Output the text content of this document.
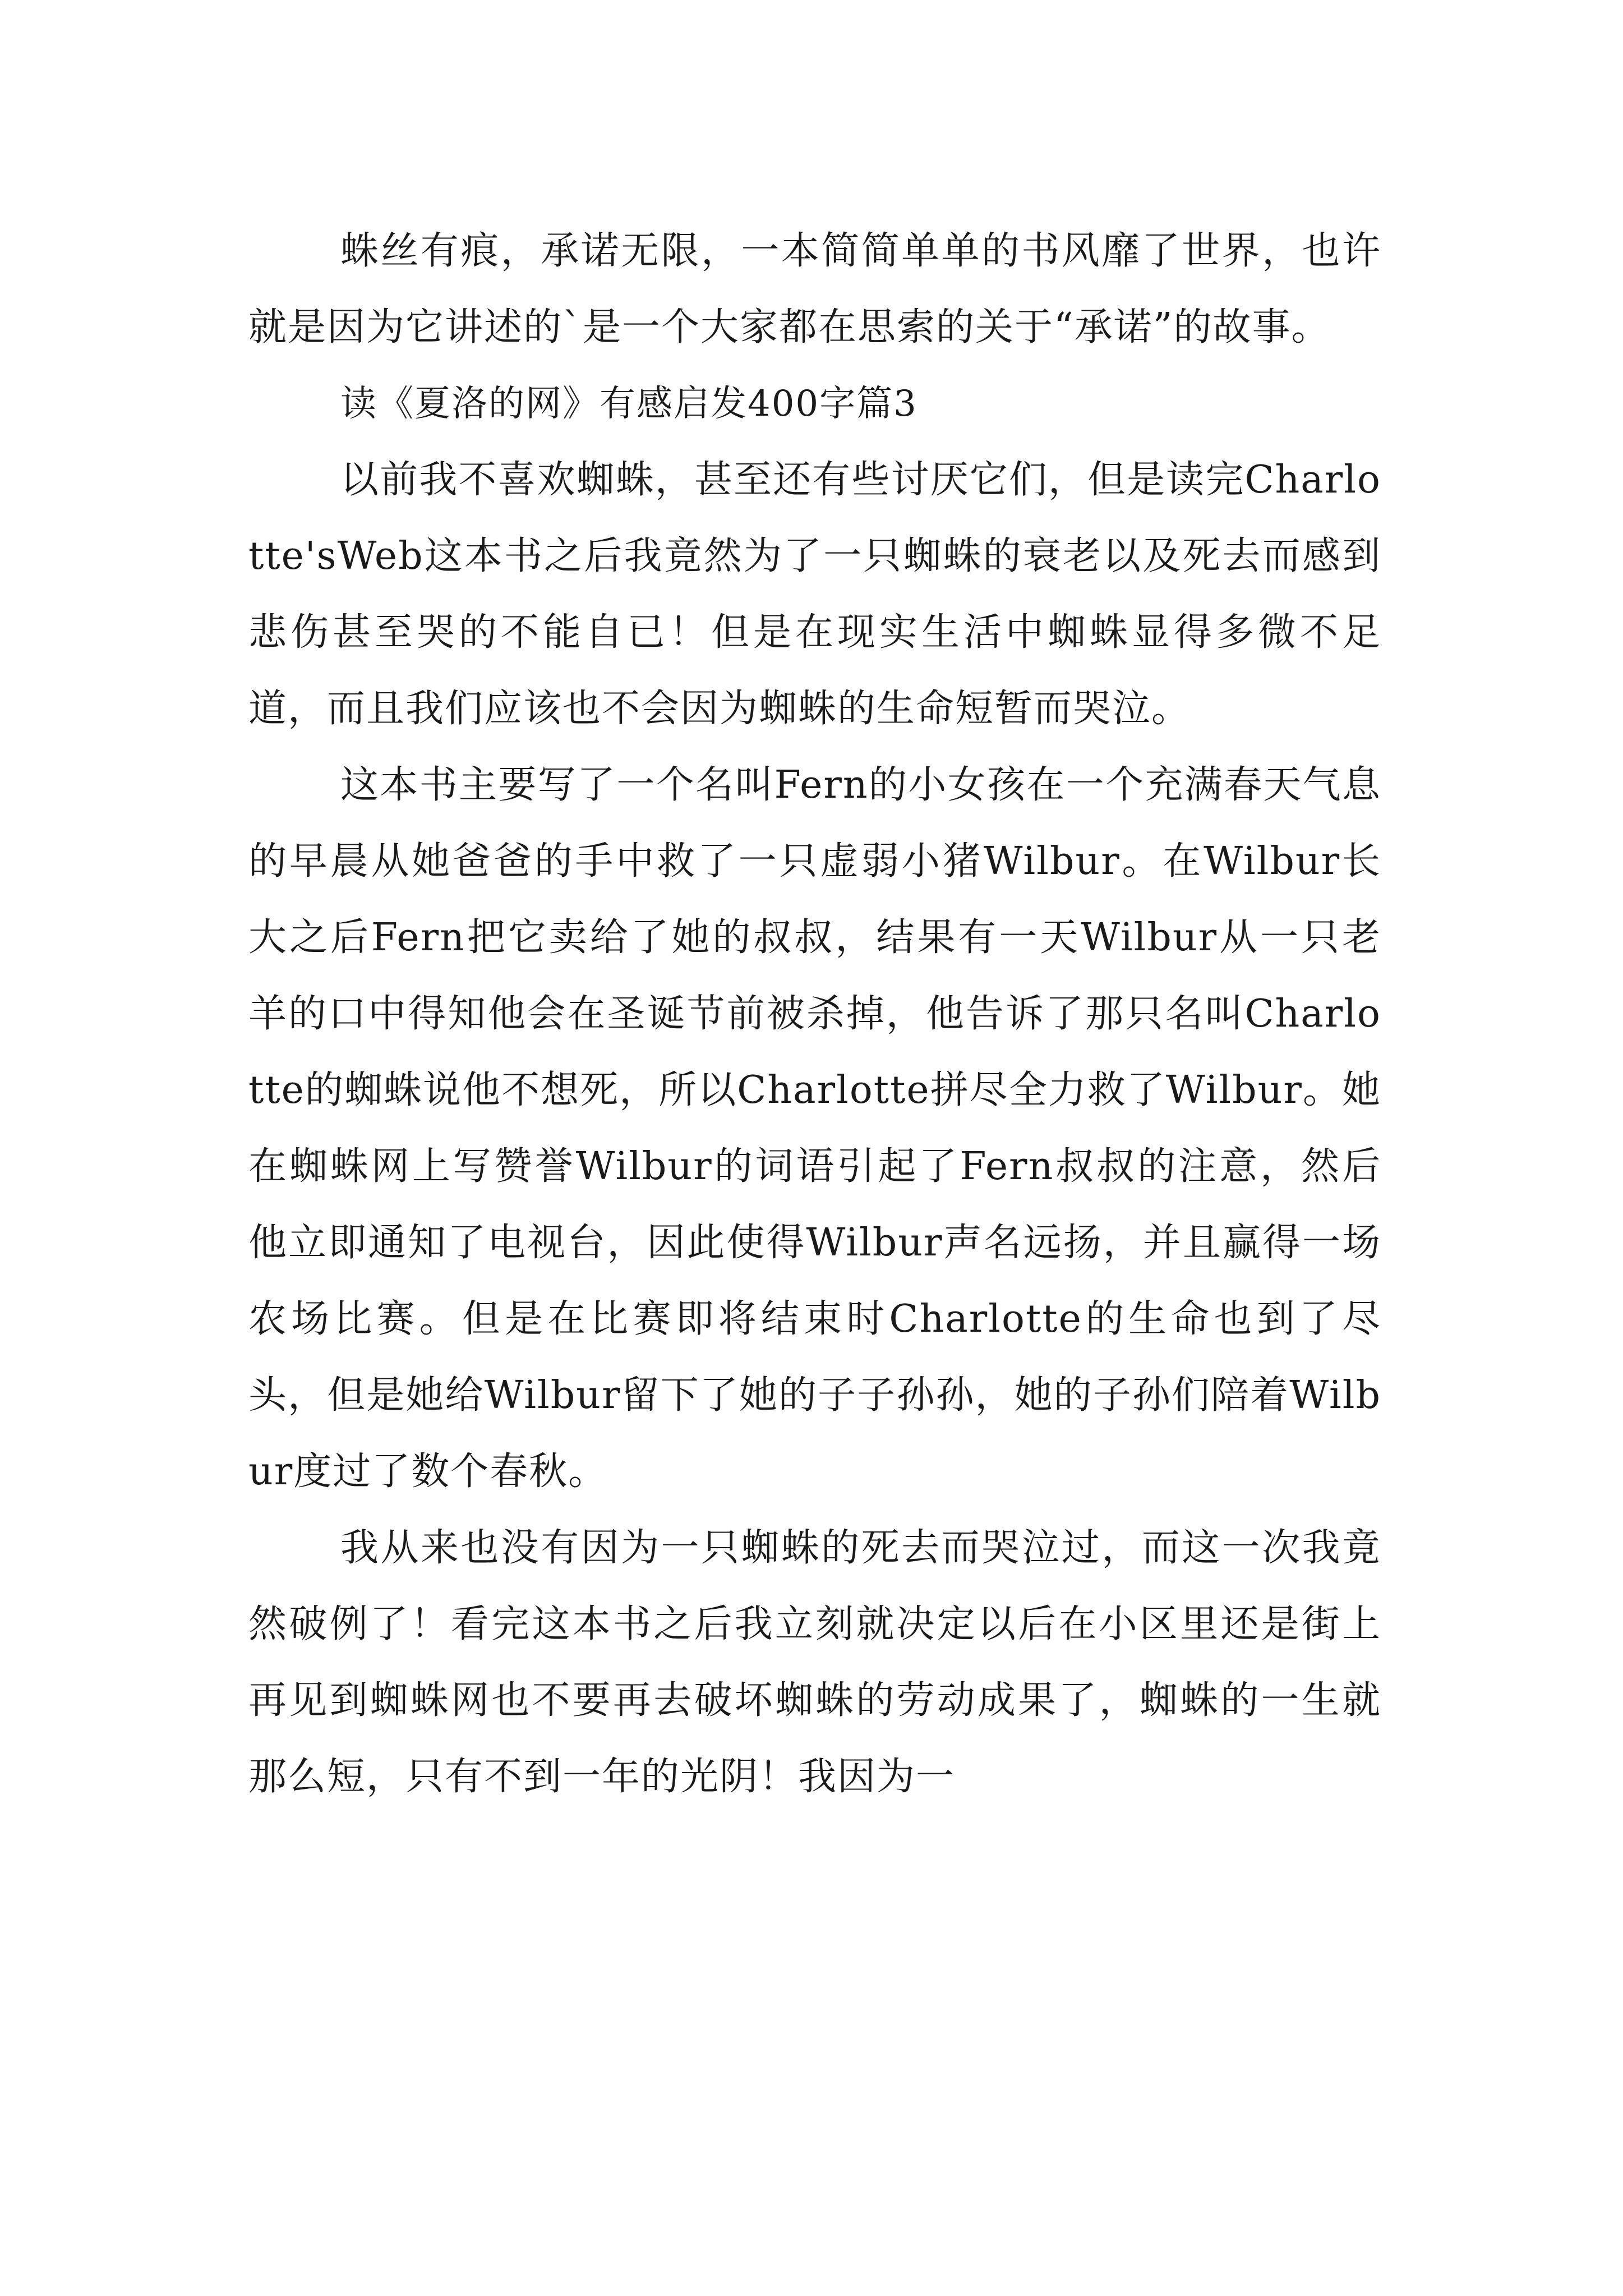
蛛丝有痕，承诺无限，一本简简单单的书风靡了世界，也许就是因为它讲述的`是一个大家都在思索的关于“承诺”的故事。

读《夏洛的网》有感启发400字篇3

以前我不喜欢蜘蛛，甚至还有些讨厌它们，但是读完Charlotte'sWeb这本书之后我竟然为了一只蜘蛛的衰老以及死去而感到悲伤甚至哭的不能自已！但是在现实生活中蜘蛛显得多微不足道，而且我们应该也不会因为蜘蛛的生命短暂而哭泣。

这本书主要写了一个名叫Fern的小女孩在一个充满春天气息的早晨从她爸爸的手中救了一只虚弱小猪Wilbur。在Wilbur长大之后Fern把它卖给了她的叔叔，结果有一天Wilbur从一只老羊的口中得知他会在圣诞节前被杀掉，他告诉了那只名叫Charlotte的蜘蛛说他不想死，所以Charlotte拼尽全力救了Wilbur。她在蜘蛛网上写赞誉Wilbur的词语引起了Fern叔叔的注意，然后他立即通知了电视台，因此使得Wilbur声名远扬，并且赢得一场农场比赛。但是在比赛即将结束时Charlotte的生命也到了尽头，但是她给Wilbur留下了她的子子孙孙，她的子孙们陪着Wilbur度过了数个春秋。

我从来也没有因为一只蜘蛛的死去而哭泣过，而这一次我竟然破例了！看完这本书之后我立刻就决定以后在小区里还是街上再见到蜘蛛网也不要再去破坏蜘蛛的劳动成果了，蜘蛛的一生就那么短，只有不到一年的光阴！我因为一
